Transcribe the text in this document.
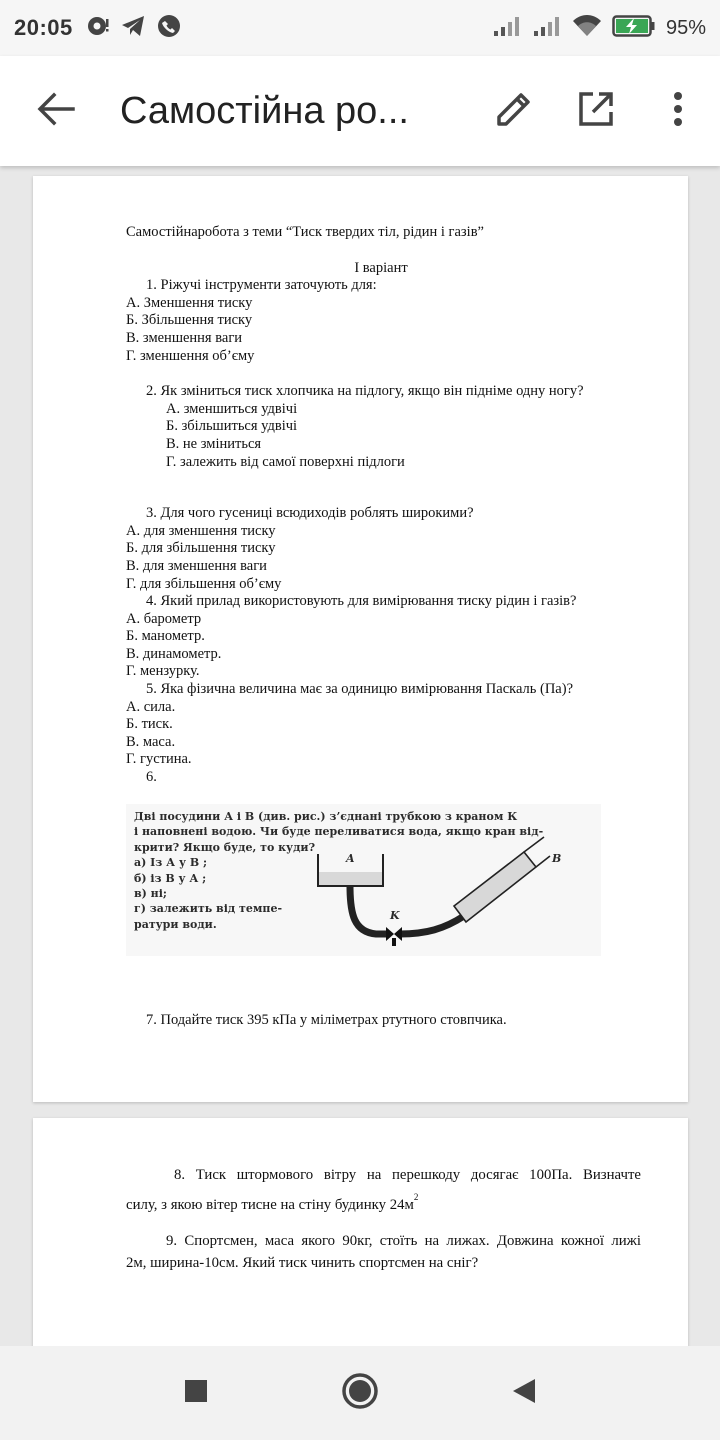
20:05	95%
Самостійна ро...

Самостійнаробота з теми “Тиск твердих тіл, рідин і газів”

І варіант

1. Ріжучі інструменти заточують для:

А. Зменшення тиску

Б. Збільшення тиску

В. зменшення ваги

Г. зменшення об’єму

2. Як зміниться тиск хлопчика на підлогу, якщо він підніме одну ногу?

А. зменшиться удвічі

Б. збільшиться удвічі

В. не зміниться

Г. залежить від самої поверхні підлоги

3. Для чого гусениці всюдиходів роблять широкими?

А. для зменшення тиску

Б. для збільшення тиску

В. для зменшення ваги

Г. для збільшення об’єму

4. Який прилад використовують для вимірювання тиску рідин і газів?

А. барометр

Б. манометр.

В. динамометр.

Г. мензурку.

5. Яка фізична величина має за одиницю вимірювання Паскаль (Па)?

А. сила.

Б. тиск.

В. маса.

Г. густина.

6.

Дві посудини А і В (див. рис.) з’єднані трубкою з краном К
і наповнені водою. Чи буде переливатися вода, якщо кран від-
крити? Якщо буде, то куди?
а) Із А у В ;
б) із В у А ;
в) ні;
г) залежить від темпе-
ратури води.
A	B
K
7. Подайте тиск 395 кПа у міліметрах ртутного стовпчика.

8. Тиск штормового вітру на перешкоду досягає 100Па. Визначте

силу, з якою вітер тисне на стіну будинку $24м^2$

9. Спортсмен, маса якого 90кг, стоїть на лижах. Довжина кожної лижі

2м, ширина-10см. Який тиск чинить спортсмен на сніг?
